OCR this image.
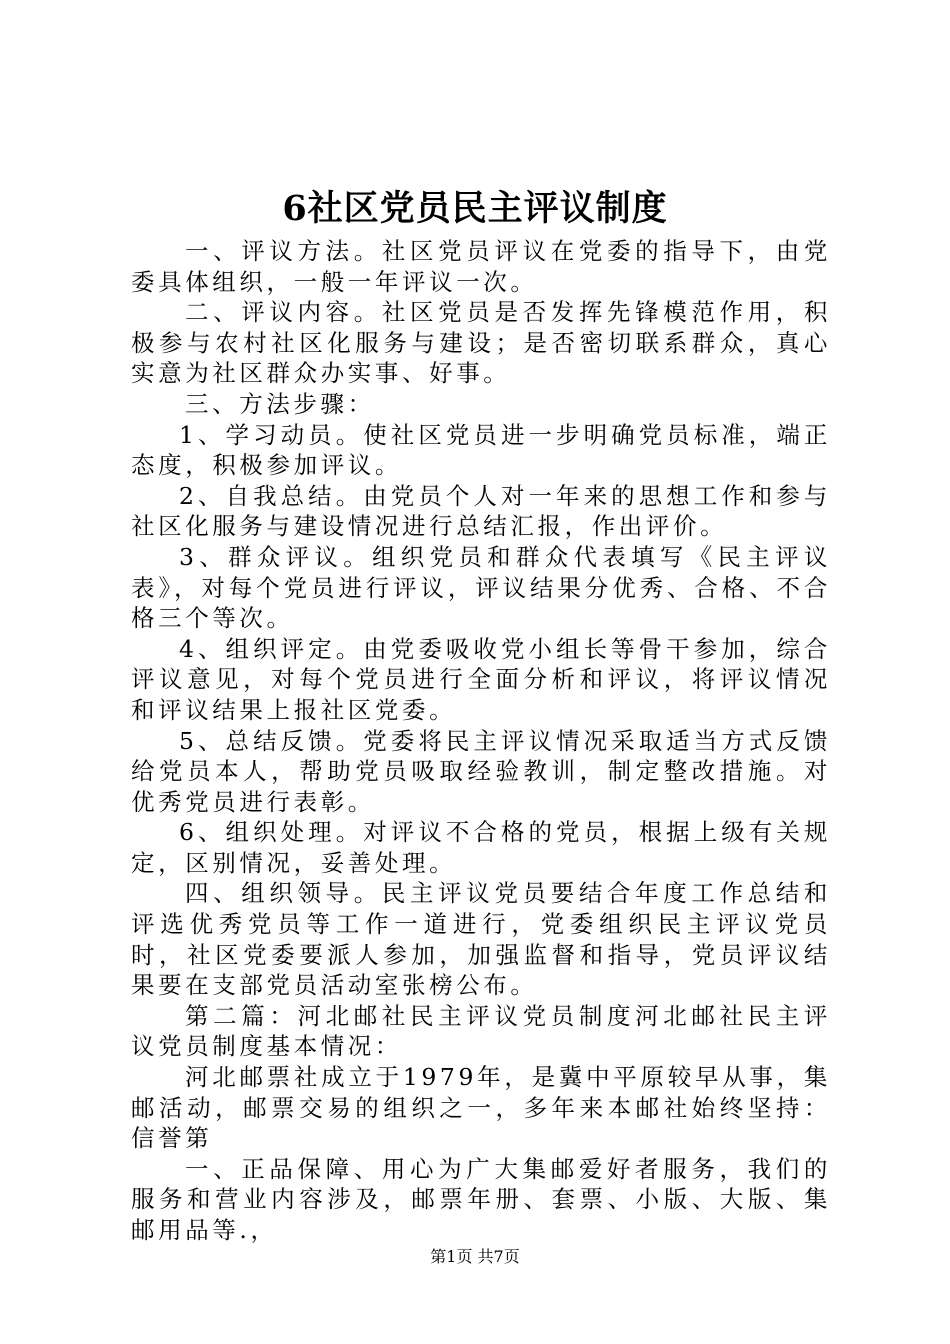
6社区党员民主评议制度

一、评议方法。社区党员评议在党委的指导下，由党委具体组织，一般一年评议一次。

二、评议内容。社区党员是否发挥先锋模范作用，积极参与农村社区化服务与建设；是否密切联系群众，真心实意为社区群众办实事、好事。

三、方法步骤：

1、学习动员。使社区党员进一步明确党员标准，端正态度，积极参加评议。

2、自我总结。由党员个人对一年来的思想工作和参与社区化服务与建设情况进行总结汇报，作出评价。

3、群众评议。组织党员和群众代表填写《民主评议表》，对每个党员进行评议，评议结果分优秀、合格、不合格三个等次。

4、组织评定。由党委吸收党小组长等骨干参加，综合评议意见，对每个党员进行全面分析和评议，将评议情况和评议结果上报社区党委。

5、总结反馈。党委将民主评议情况采取适当方式反馈给党员本人，帮助党员吸取经验教训，制定整改措施。对优秀党员进行表彰。

6、组织处理。对评议不合格的党员，根据上级有关规定，区别情况，妥善处理。

四、组织领导。民主评议党员要结合年度工作总结和评选优秀党员等工作一道进行，党委组织民主评议党员时，社区党委要派人参加，加强监督和指导，党员评议结果要在支部党员活动室张榜公布。

第二篇：河北邮社民主评议党员制度河北邮社民主评议党员制度基本情况：

河北邮票社成立于1979年，是冀中平原较早从事，集邮活动，邮票交易的组织之一，多年来本邮社始终坚持：信誉第

一、正品保障、用心为广大集邮爱好者服务，我们的服务和营业内容涉及，邮票年册、套票、小版、大版、集邮用品等.，

第1页 共7页
